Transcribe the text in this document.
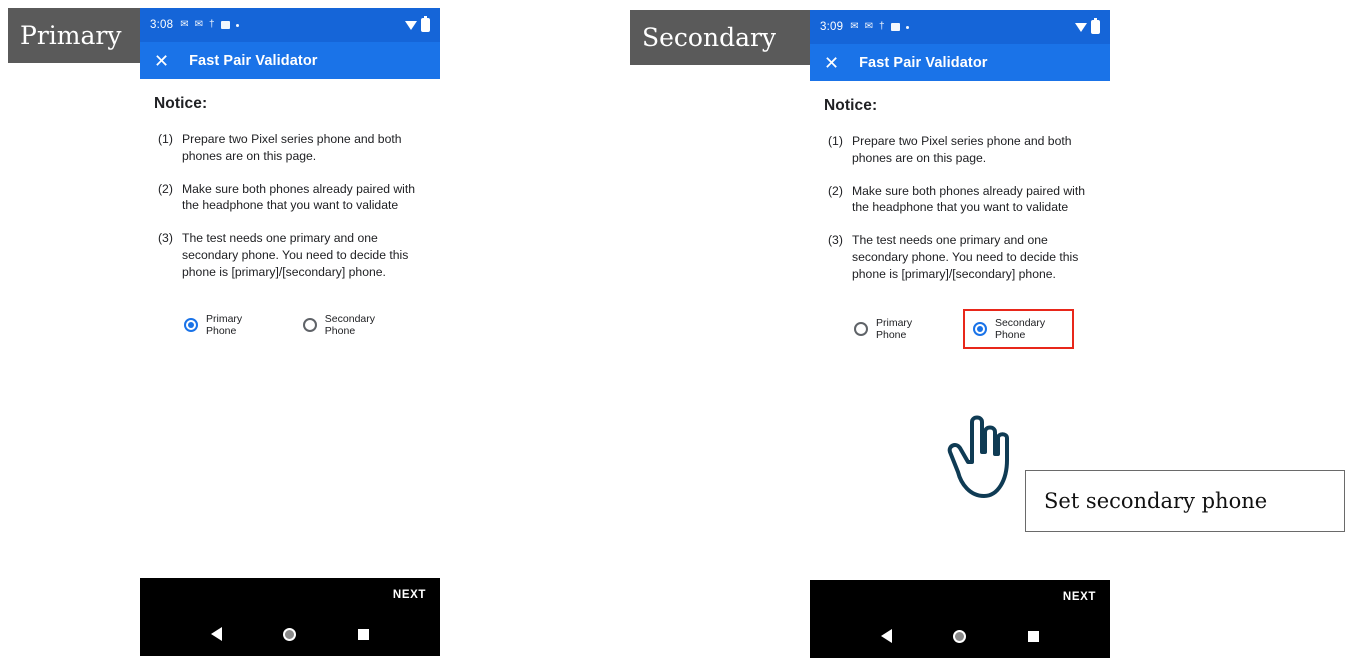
Primary	Secondary
3:08 ✉ ✉ †
✕ Fast Pair Validator
Notice:
(1) Prepare two Pixel series phone and both phones are on this page.
(2) Make sure both phones already paired with the headphone that you want to validate
(3) The test needs one primary and one secondary phone. You need to decide this phone is [primary]/[secondary] phone.
Primary Phone
Secondary Phone
NEXT
3:09 ✉ ✉ †
✕ Fast Pair Validator
Notice:
(1) Prepare two Pixel series phone and both phones are on this page.
(2) Make sure both phones already paired with the headphone that you want to validate
(3) The test needs one primary and one secondary phone. You need to decide this phone is [primary]/[secondary] phone.
Primary Phone
Secondary Phone
NEXT
Set secondary phone
